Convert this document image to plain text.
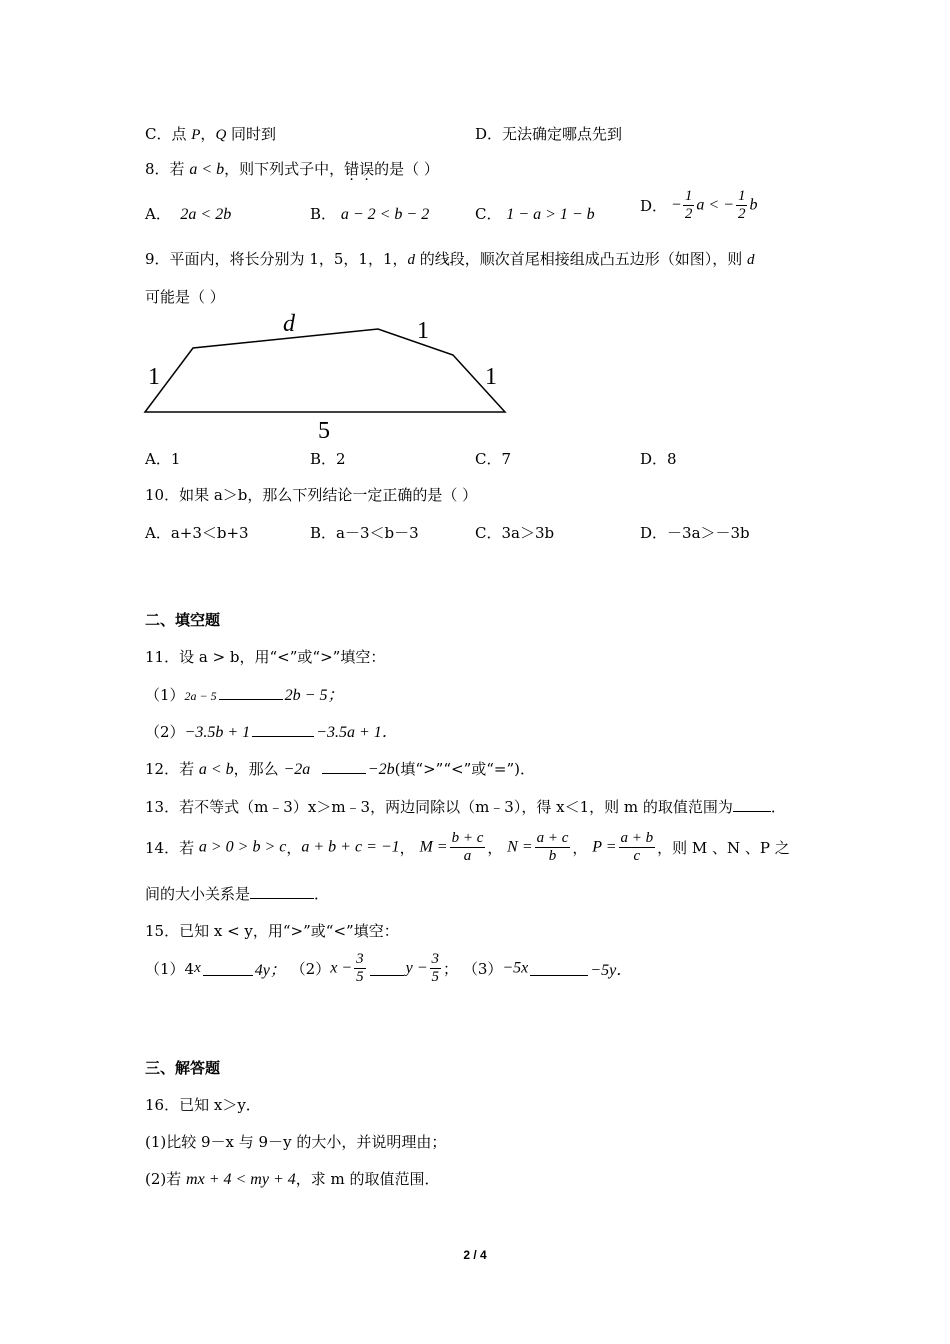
C．点 P，Q 同时到	D．无法确定哪点先到
8．若 a < b，则下列式子中，错误的是（ ）
A． 2a < 2b	B． a − 2 < b − 2	C． 1 − a > 1 − b	D． − $\frac{1}{2}$ a < − $\frac{1}{2}$ b
9．平面内，将长分别为 1，5，1，1，d 的线段，顺次首尾相接组成凸五边形（如图），则 d
可能是（ ）
1
d	1
1
5
A．1	B．2	C．7	D．8
10．如果 a＞b，那么下列结论一定正确的是（ ）
A．a+3＜b+3	B．a－3＜b－3	C．3a＞3b	D．－3a＞－3b
二、填空题
11．设 a > b，用“<”或“>”填空：
（1）2a − 5	2b − 5；
（2）−3.5b + 1	−3.5a + 1．
12．若 a < b，那么 −2a	−2b(填“>”“<”或“=”)．
13．若不等式（m﹣3）x＞m﹣3，两边同除以（m﹣3），得 x＜1，则 m 的取值范围为	．
14．若 a > 0 > b > c，a + b + c = −1， $M = \frac{b + c}{a}$ ， $N = \frac{a + c}{b}$ ， $P = \frac{a + b}{c}$ ，则 M 、N 、P 之
间的大小关系是	．
15．已知 x < y，用“>”或“<”填空：
（1）4x	4y； $(2)x - \frac{3}{5}$	$y - \frac{3}{5}$ ； （3）−5x	−5y．
三、解答题
16．已知 x＞y．
(1)比较 9－x 与 9－y 的大小，并说明理由；
(2)若 mx + 4 < my + 4，求 m 的取值范围．
2 / 4
